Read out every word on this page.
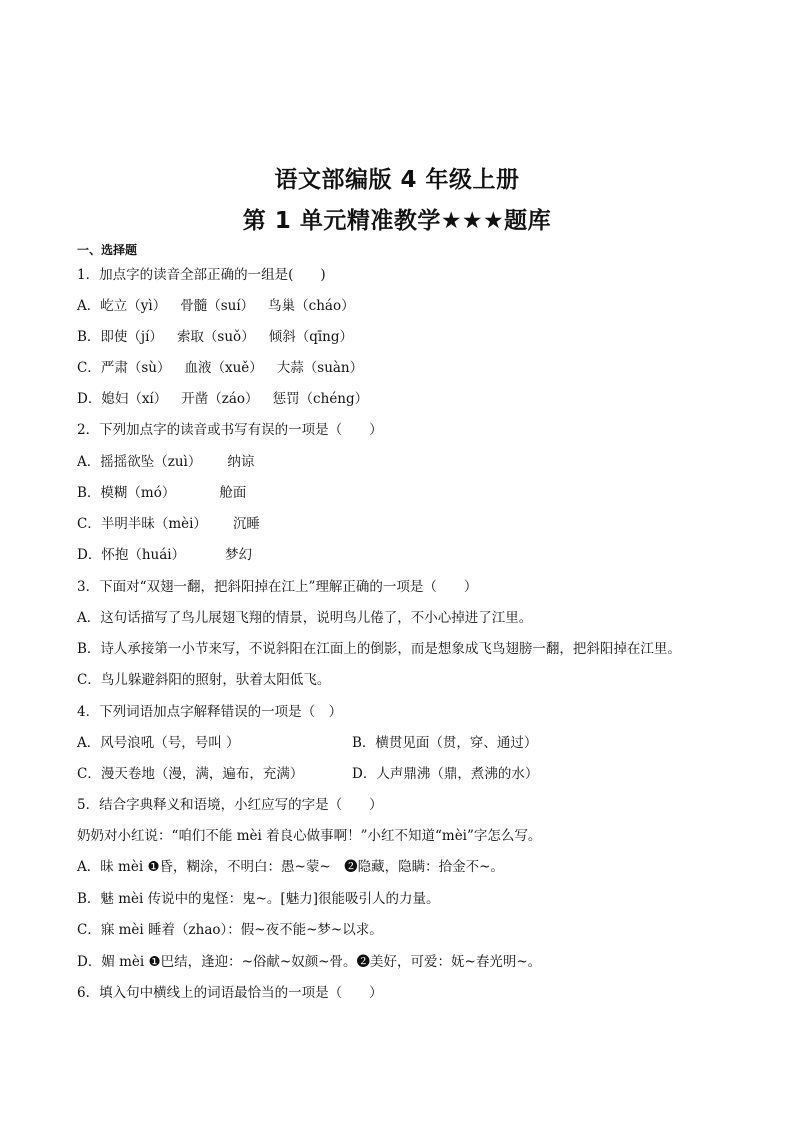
语文部编版 4 年级上册
第 1 单元精准教学★★★题库
一、选择题
1．加点字的读音全部正确的一组是(　　)
A．屹立（yì） 骨髓（suí） 鸟巢（cháo）
B．即使（jí） 索取（suǒ） 倾斜（qīng）
C．严肃（sù） 血液（xuě） 大蒜（suàn）
D．媳妇（xí） 开凿（záo） 惩罚（chéng）
2．下列加点字的读音或书写有误的一项是（　　）
A．摇摇欲坠（zuì） 纳谅
B．模糊（mó）	舱面
C．半明半昧（mèi） 沉睡
D．怀抱（huái）	梦幻
3．下面对“双翅一翻，把斜阳掉在江上”理解正确的一项是（　　）
A．这句话描写了鸟儿展翅飞翔的情景，说明鸟儿倦了，不小心掉进了江里。
B．诗人承接第一小节来写，不说斜阳在江面上的倒影，而是想象成飞鸟翅膀一翻，把斜阳掉在江里。
C．鸟儿躲避斜阳的照射，驮着太阳低飞。
4．下列词语加点字解释错误的一项是（　）
A．风号浪吼（号，号叫 ）	B．横贯见面（贯，穿、通过）
C．漫天卷地（漫，满，遍布，充满）	D．人声鼎沸（鼎，煮沸的水）
5．结合字典释义和语境，小红应写的字是（　　）
奶奶对小红说：“咱们不能 mèi 着良心做事啊！”小红不知道“mèi”字怎么写。
A．昧 mèi ❶昏，糊涂，不明白：愚~蒙~　❷隐藏，隐瞒：拾金不~。
B．魅 mèi 传说中的鬼怪：鬼~。[魅力]很能吸引人的力量。
C．寐 mèi 睡着（zhao）：假~夜不能~梦~以求。
D．媚 mèi ❶巴结，逢迎：~俗献~奴颜~骨。❷美好，可爱：妩~春光明~。
6．填入句中横线上的词语最恰当的一项是（　　）
